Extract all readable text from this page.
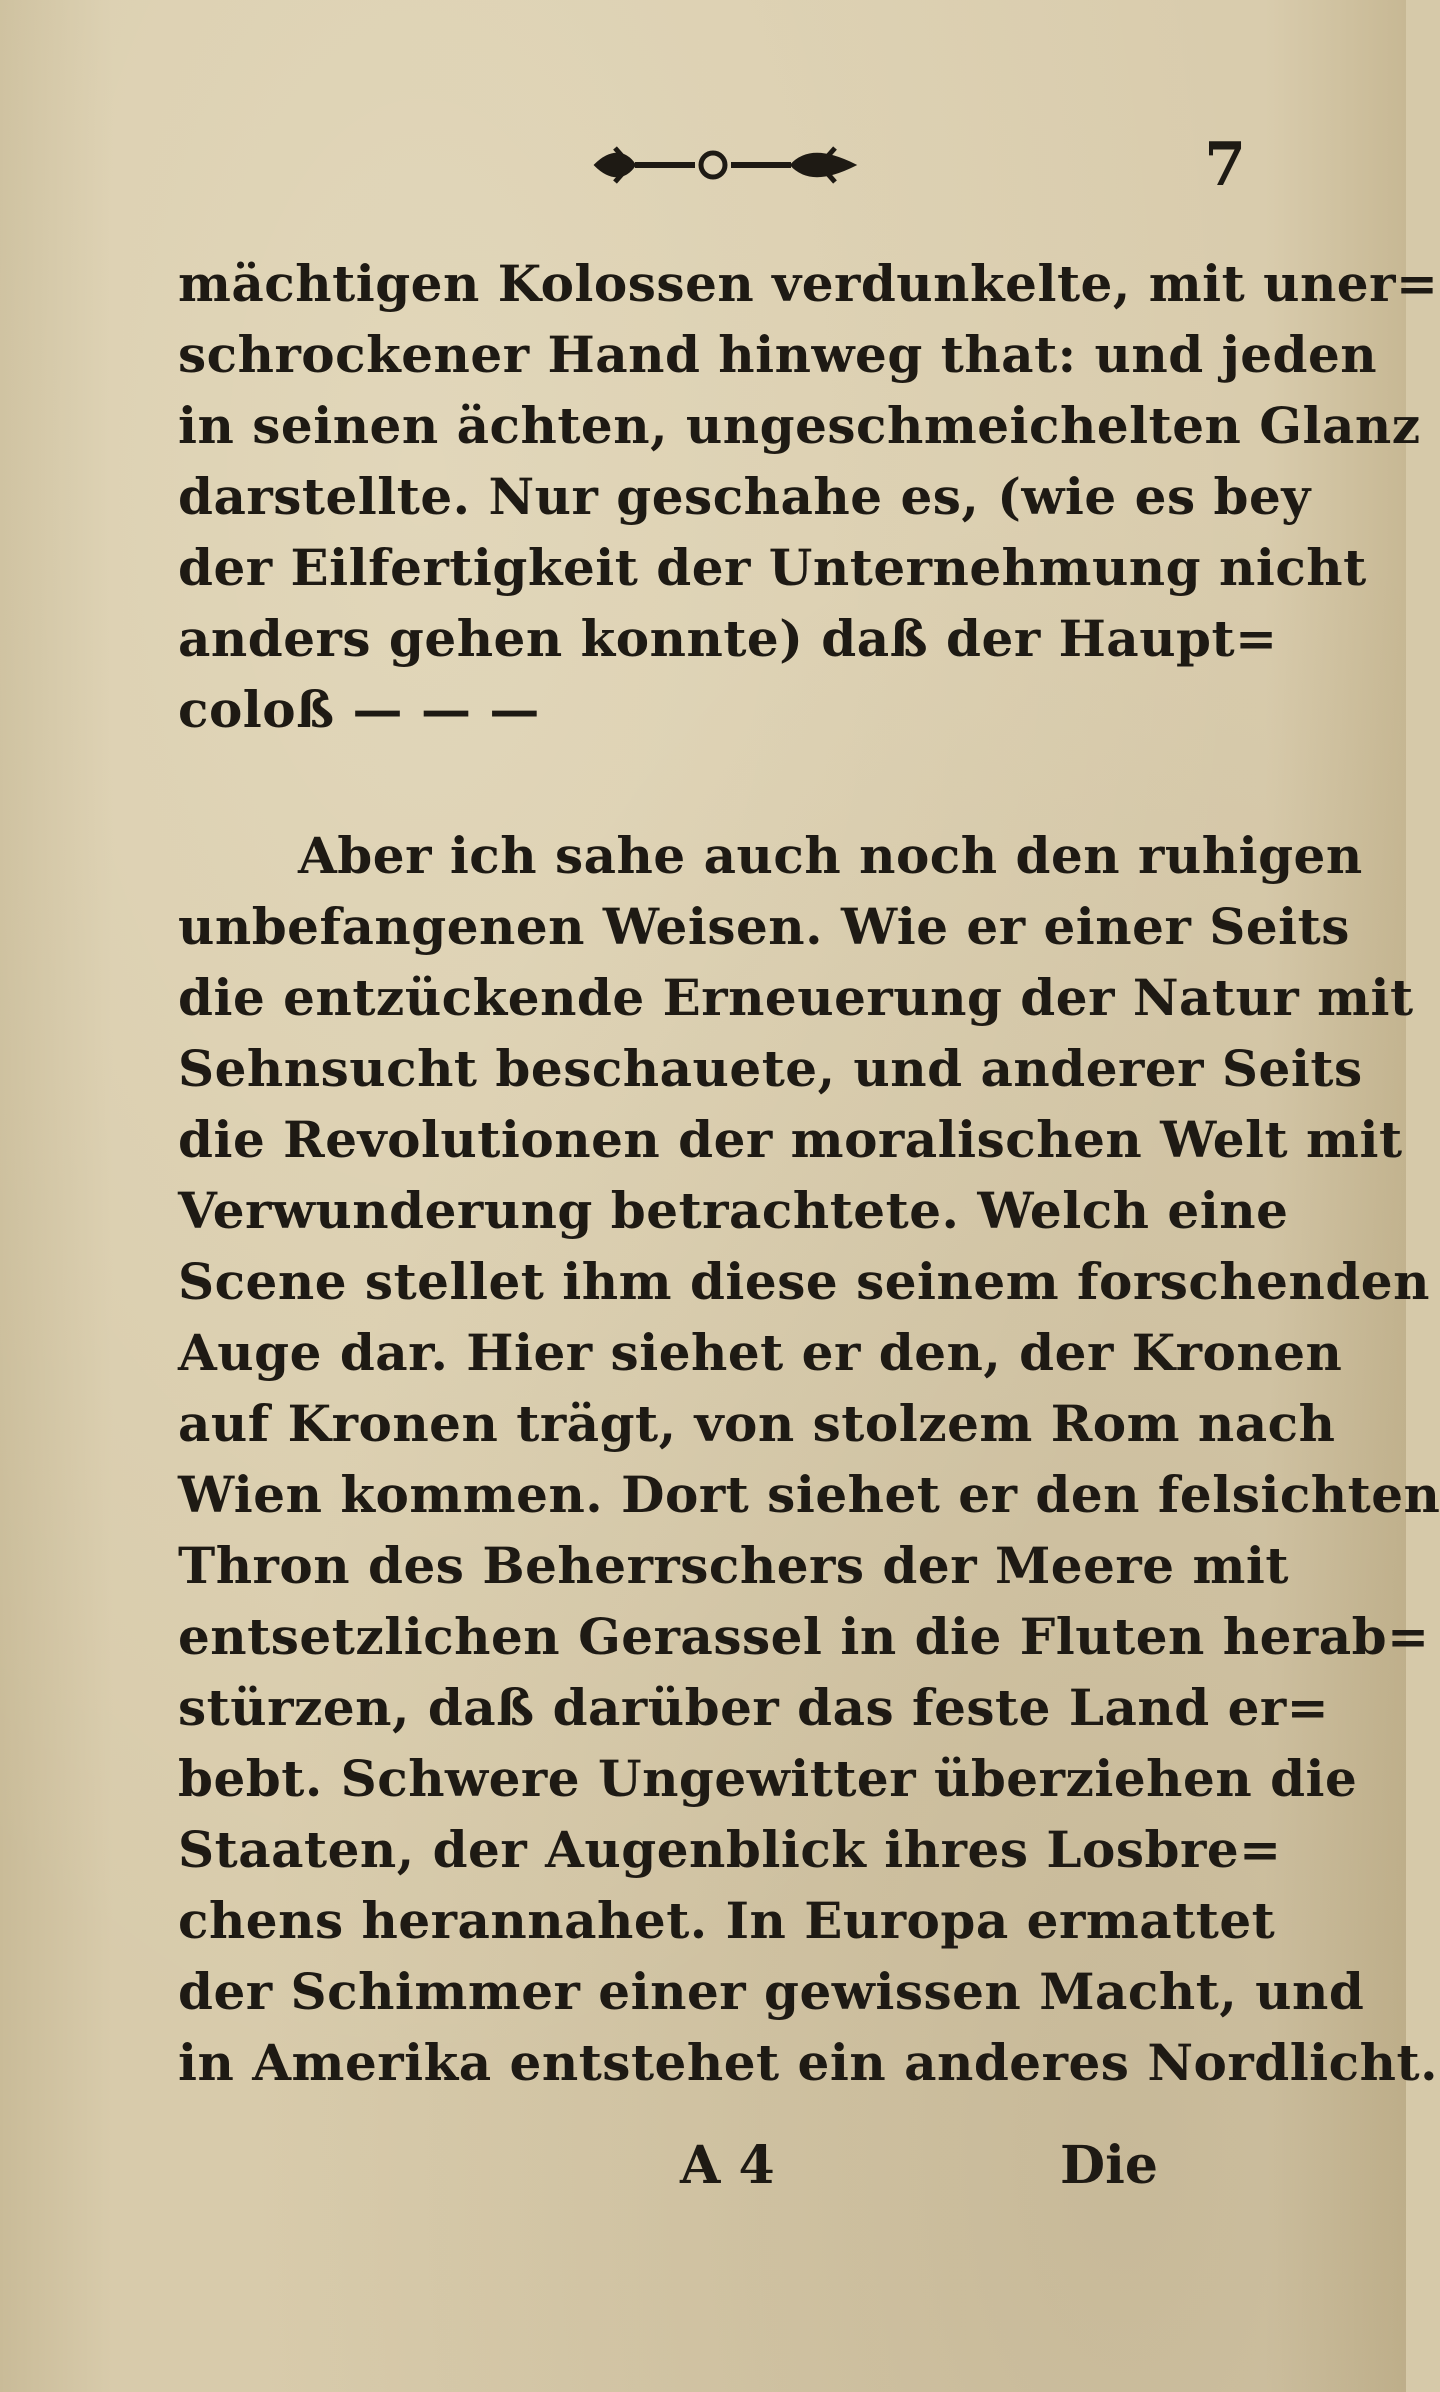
7
mächtigen Kolossen verdunkelte, mit uner=
schrockener Hand hinweg that: und jeden
in seinen ächten, ungeschmeichelten Glanz
darstellte. Nur geschahe es, (wie es bey
der Eilfertigkeit der Unternehmung nicht
anders gehen konnte) daß der Haupt=
coloß — — —
Aber ich sahe auch noch den ruhigen
unbefangenen Weisen. Wie er einer Seits
die entzückende Erneuerung der Natur mit
Sehnsucht beschauete, und anderer Seits
die Revolutionen der moralischen Welt mit
Verwunderung betrachtete. Welch eine
Scene stellet ihm diese seinem forschenden
Auge dar. Hier siehet er den, der Kronen
auf Kronen trägt, von stolzem Rom nach
Wien kommen. Dort siehet er den felsichten
Thron des Beherrschers der Meere mit
entsetzlichen Gerassel in die Fluten herab=
stürzen, daß darüber das feste Land er=
bebt. Schwere Ungewitter überziehen die
Staaten, der Augenblick ihres Losbre=
chens herannahet. In Europa ermattet
der Schimmer einer gewissen Macht, und
in Amerika entstehet ein anderes Nordlicht.
A 4	Die
